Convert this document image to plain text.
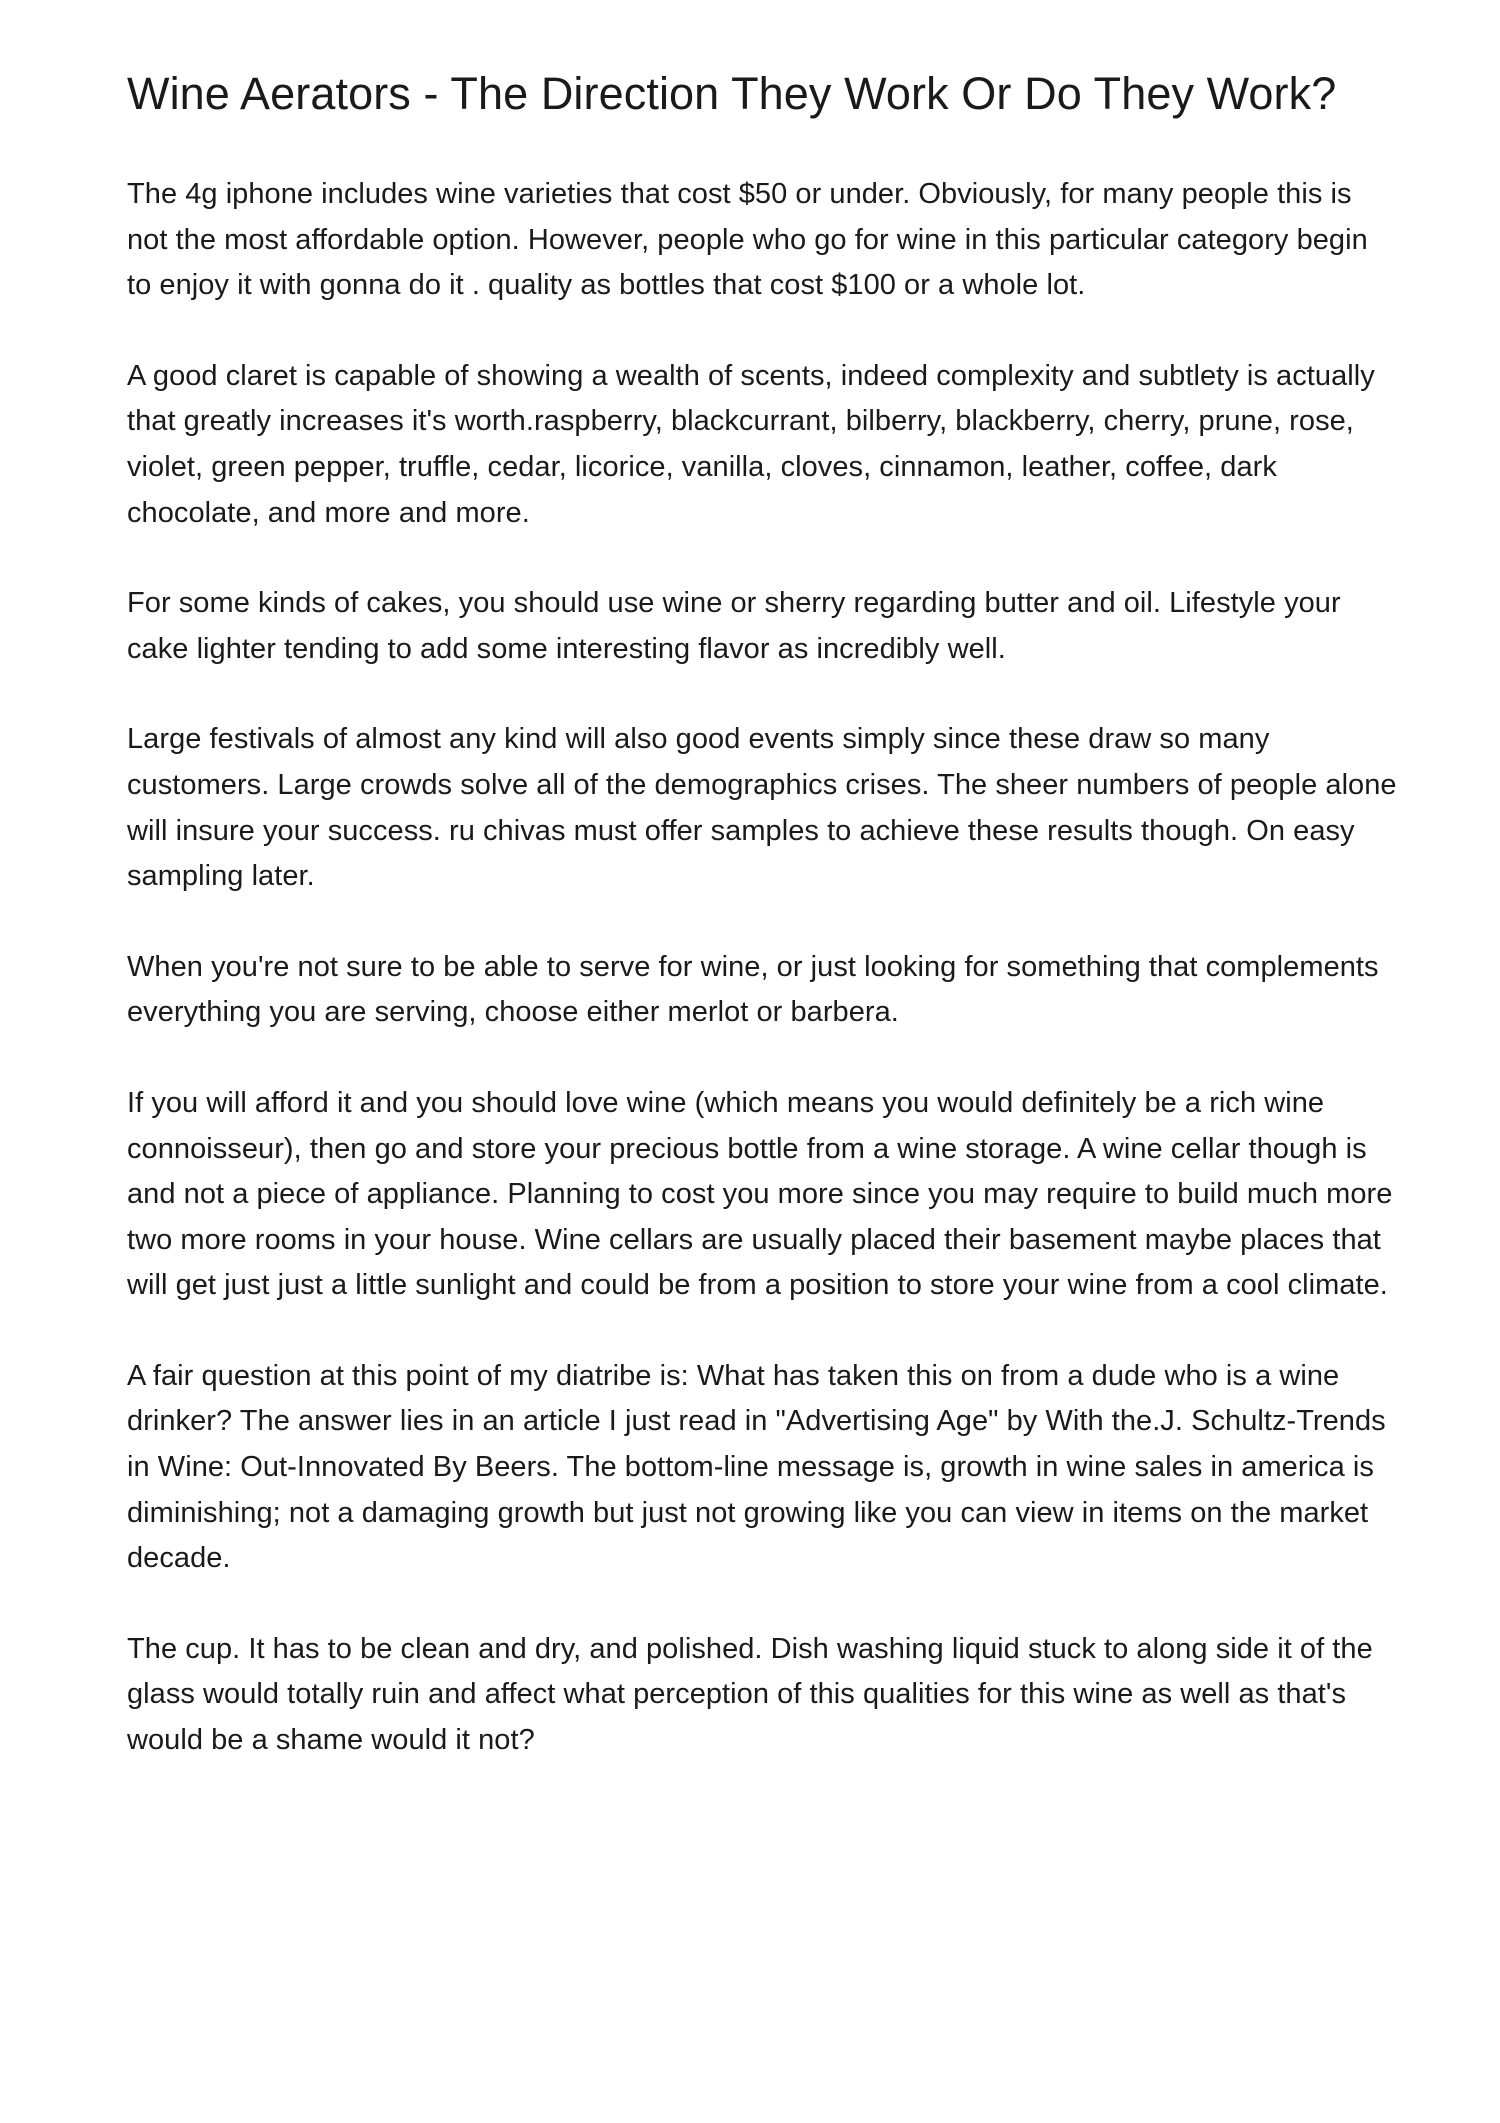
Wine Aerators - The Direction They Work Or Do They Work?

The 4g iphone includes wine varieties that cost $50 or under. Obviously, for many people this is not the most affordable option. However, people who go for wine in this particular category begin to enjoy it with gonna do it . quality as bottles that cost $100 or a whole lot.

A good claret is capable of showing a wealth of scents, indeed complexity and subtlety is actually that greatly increases it's worth.raspberry, blackcurrant, bilberry, blackberry, cherry, prune, rose, violet, green pepper, truffle, cedar, licorice, vanilla, cloves, cinnamon, leather, coffee, dark chocolate, and more and more.

For some kinds of cakes, you should use wine or sherry regarding butter and oil. Lifestyle your cake lighter tending to add some interesting flavor as incredibly well.

Large festivals of almost any kind will also good events simply since these draw so many customers. Large crowds solve all of the demographics crises. The sheer numbers of people alone will insure your success. ru chivas must offer samples to achieve these results though. On easy sampling later.

When you're not sure to be able to serve for wine, or just looking for something that complements everything you are serving, choose either merlot or barbera.

If you will afford it and you should love wine (which means you would definitely be a rich wine connoisseur), then go and store your precious bottle from a wine storage. A wine cellar though is and not a piece of appliance. Planning to cost you more since you may require to build much more two more rooms in your house. Wine cellars are usually placed their basement maybe places that will get just just a little sunlight and could be from a position to store your wine from a cool climate.

A fair question at this point of my diatribe is: What has taken this on from a dude who is a wine drinker? The answer lies in an article I just read in "Advertising Age" by With the.J. Schultz-Trends in Wine: Out-Innovated By Beers. The bottom-line message is, growth in wine sales in america is diminishing; not a damaging growth but just not growing like you can view in items on the market decade.

The cup. It has to be clean and dry, and polished. Dish washing liquid stuck to along side it of the glass would totally ruin and affect what perception of this qualities for this wine as well as that's would be a shame would it not?
